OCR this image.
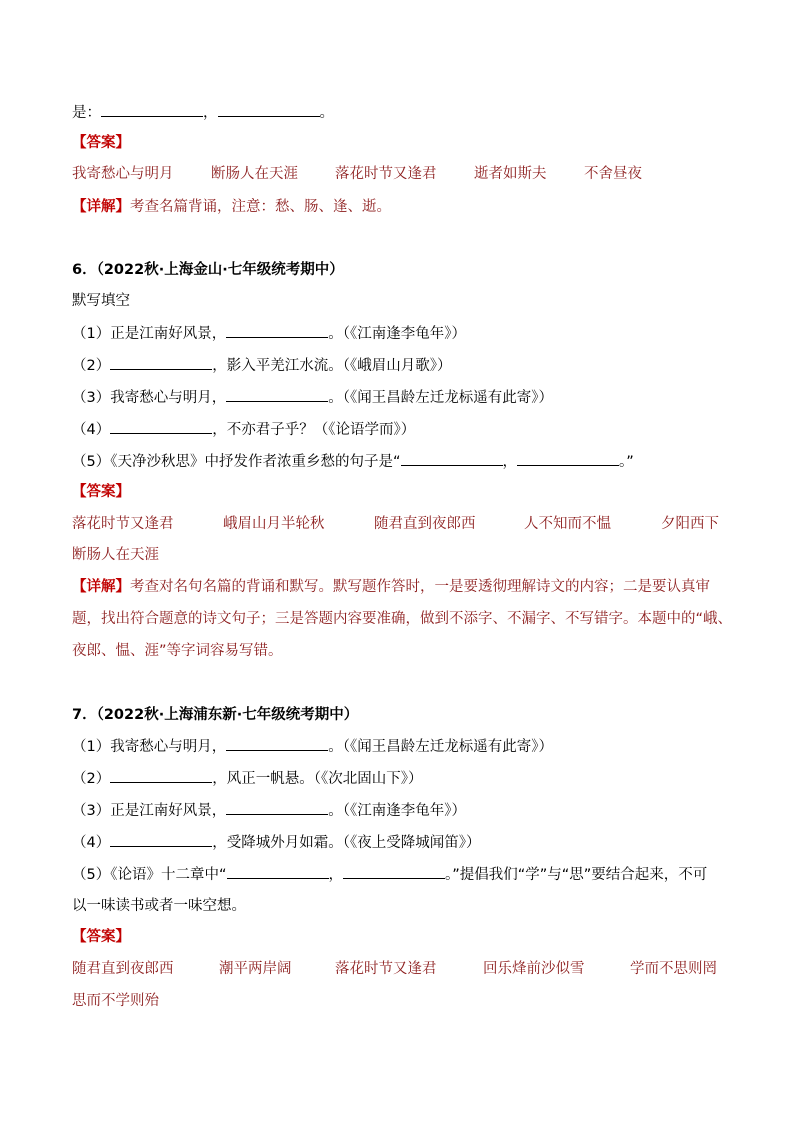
是：	，	。
【答案】
我寄愁心与明月	断肠人在天涯	落花时节又逢君	逝者如斯夫	不舍昼夜
【详解】考查名篇背诵，注意：愁、肠、逢、逝。
6．（2022秋·上海金山·七年级统考期中）
默写填空
（1）正是江南好风景，	。（《江南逢李龟年》）
（2）	，影入平羌江水流。（《峨眉山月歌》）
（3）我寄愁心与明月，	。（《闻王昌龄左迁龙标遥有此寄》）
（4）	，不亦君子乎？（《论语学而》）
（5）《天净沙秋思》中抒发作者浓重乡愁的句子是“	，	。”
【答案】
落花时节又逢君	峨眉山月半轮秋	随君直到夜郎西	人不知而不愠	夕阳西下
断肠人在天涯
【详解】考查对名句名篇的背诵和默写。默写题作答时，一是要透彻理解诗文的内容；二是要认真审
题，找出符合题意的诗文句子；三是答题内容要准确，做到不添字、不漏字、不写错字。本题中的“峨、
夜郎、愠、涯”等字词容易写错。
7．（2022秋·上海浦东新·七年级统考期中）
（1）我寄愁心与明月，	。（《闻王昌龄左迁龙标遥有此寄》）
（2）	，风正一帆悬。（《次北固山下》）
（3）正是江南好风景，	。（《江南逢李龟年》）
（4）	，受降城外月如霜。（《夜上受降城闻笛》）
（5）《论语》十二章中“	，	。”提倡我们“学”与“思”要结合起来，不可
以一味读书或者一味空想。
【答案】
随君直到夜郎西	潮平两岸阔	落花时节又逢君	回乐烽前沙似雪	学而不思则罔
思而不学则殆
